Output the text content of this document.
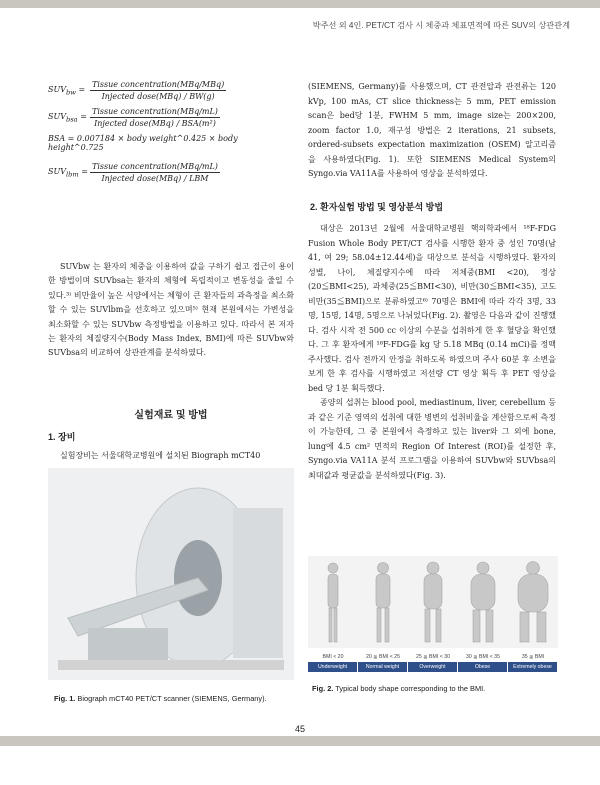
박주선 외 4인. PET/CT 검사 시 체중과 체표면적에 따른 SUV의 상관관계
$SUV_{bw} = \frac{\text{Tissue concentration(MBq/MBq)}}{\text{Injected dose(MBq) / BW(g)}}$
$SUV_{bsa} = \frac{\text{Tissue concentration(MBq/mL)}}{\text{Injected dose(MBq) / BSA(m²)}}$
BSA = 0.007184 × body weight^0.425 × body height^0.725
$SUV_{lbm} = \frac{\text{Tissue concentration(MBq/mL)}}{\text{Injected dose(MBq) / LBM}}$

SUVbw 는 환자의 체중을 이용하여 값을 구하기 쉽고 접근이 용이한 방법이며 SUVbsa는 환자의 체형에 독립적이고 변동성을 줄일 수 있다.³⁾ 비만율이 높은 서양에서는 체형이 큰 환자들의 과측정을 최소화할 수 있는 SUVlbm을 선호하고 있으며⁵⁾ 현재 본원에서는 가변성을 최소화할 수 있는 SUVbw 측정방법을 이용하고 있다. 따라서 본 저자는 환자의 체질량지수(Body Mass Index, BMI)에 따른 SUVbw와 SUVbsa의 비교하여 상관관계를 분석하였다.

실험재료 및 방법
1. 장비

실험장비는 서울대학교병원에 설치된 Biograph mCT40

Fig. 1. Biograph mCT40 PET/CT scanner (SIEMENS, Germany).

(SIEMENS, Germany)를 사용했으며, CT 관전압과 관전류는 120 kVp, 100 mAs, CT slice thickness는 5 mm, PET emission scan은 bed당 1분, FWHM 5 mm, image size는 200×200, zoom factor 1.0, 재구성 방법은 2 iterations, 21 subsets, ordered-subsets expectation maximization (OSEM) 알고리즘을 사용하였다(Fig. 1). 또한 SIEMENS Medical System의 Syngo.via VA11A를 사용하여 영상을 분석하였다.

2. 환자실험 방법 및 영상분석 방법

대상은 2013년 2월에 서울대학교병원 핵의학과에서 ¹⁸F-FDG Fusion Whole Body PET/CT 검사를 시행한 환자 중 성인 70명(남 41, 여 29; 58.04±12.44세)을 대상으로 분석을 시행하였다. 환자의 성별, 나이, 체질량지수에 따라 저체중(BMI <20), 정상(20≦BMI<25), 과체중(25≦BMI<30), 비만(30≦BMI<35), 고도비만(35≦BMI)으로 분류하였고⁶⁾ 70명은 BMI에 따라 각각 3명, 33명, 15명, 14명, 5명으로 나뉘었다(Fig. 2). 촬영은 다음과 같이 진행했다. 검사 시작 전 500 cc 이상의 수분을 섭취하게 한 후 혈당을 확인했다. 그 후 환자에게 ¹⁸F-FDG를 kg 당 5.18 MBq (0.14 mCi)를 정맥 주사했다. 검사 전까지 안정을 취하도록 하였으며 주사 60분 후 소변을 보게 한 후 검사를 시행하였고 저선량 CT 영상 획득 후 PET 영상을 bed 당 1분 획득했다.

종양의 섭취는 blood pool, mediastinum, liver, cerebellum 등과 같은 기준 영역의 섭취에 대한 병변의 섭취비율을 계산함으로써 측정이 가능한데, 그 중 본원에서 측정하고 있는 liver와 그 외에 bone, lung에 4.5 cm² 면적의 Region Of Interest (ROI)를 설정한 후, Syngo.via VA11A 분석 프로그램을 이용하여 SUVbw와 SUVbsa의 최대값과 평균값을 분석하였다(Fig. 3).

BMI < 20	20 ≦ BMI < 25	25 ≦ BMI < 30	30 ≦ BMI < 35	35 ≦ BMI
Underweight	Normal weight	Overweight	Obese	Extremely obese
Fig. 2. Typical body shape corresponding to the BMI.
45
